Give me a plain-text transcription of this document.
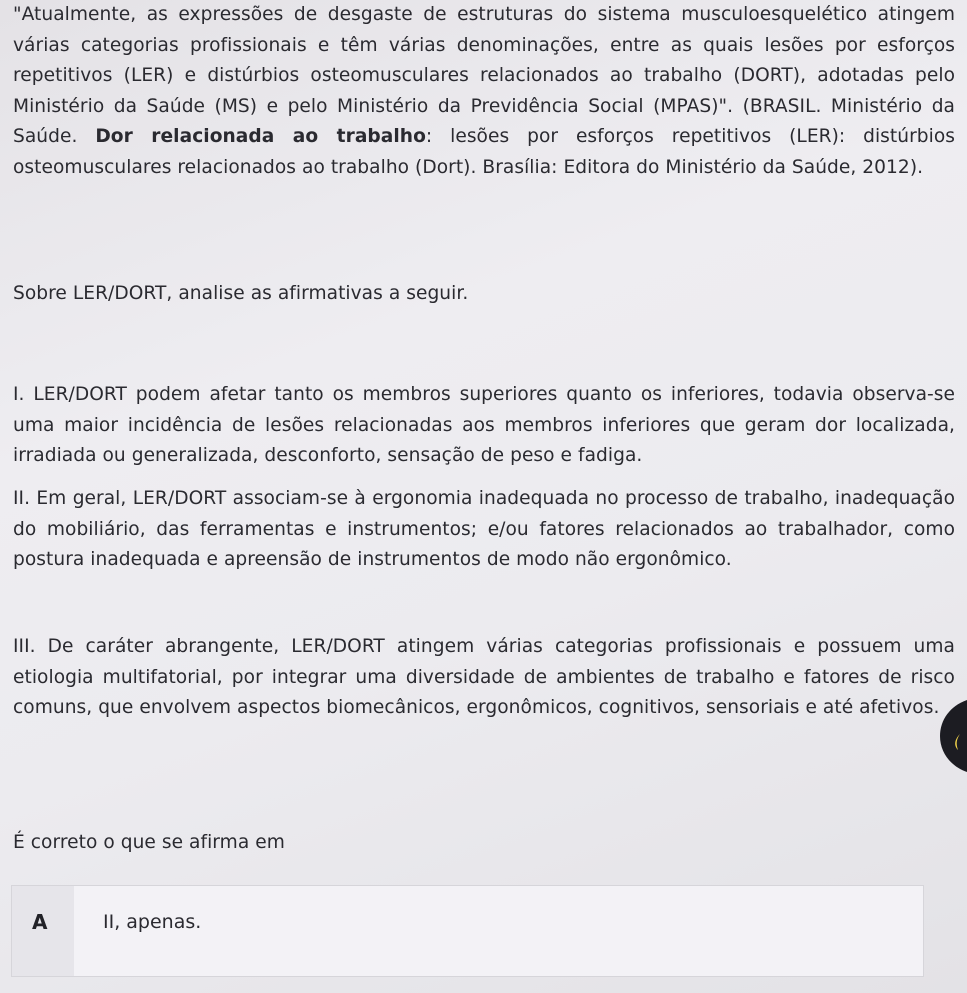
"Atualmente, as expressões de desgaste de estruturas do sistema musculoesquelético atingem várias categorias profissionais e têm várias denominações, entre as quais lesões por esforços repetitivos (LER) e distúrbios osteomusculares relacionados ao trabalho (DORT), adotadas pelo Ministério da Saúde (MS) e pelo Ministério da Previdência Social (MPAS)". (BRASIL. Ministério da Saúde. Dor relacionada ao trabalho: lesões por esforços repetitivos (LER): distúrbios osteomusculares relacionados ao trabalho (Dort). Brasília: Editora do Ministério da Saúde, 2012).

Sobre LER/DORT, analise as afirmativas a seguir.

I. LER/DORT podem afetar tanto os membros superiores quanto os inferiores, todavia observa-se uma maior incidência de lesões relacionadas aos membros inferiores que geram dor localizada, irradiada ou generalizada, desconforto, sensação de peso e fadiga.

II. Em geral, LER/DORT associam-se à ergonomia inadequada no processo de trabalho, inadequação do mobiliário, das ferramentas e instrumentos; e/ou fatores relacionados ao trabalhador, como postura inadequada e apreensão de instrumentos de modo não ergonômico.

III. De caráter abrangente, LER/DORT atingem várias categorias profissionais e possuem uma etiologia multifatorial, por integrar uma diversidade de ambientes de trabalho e fatores de risco comuns, que envolvem aspectos biomecânicos, ergonômicos, cognitivos, sensoriais e até afetivos.

É correto o que se afirma em

A	II, apenas.
